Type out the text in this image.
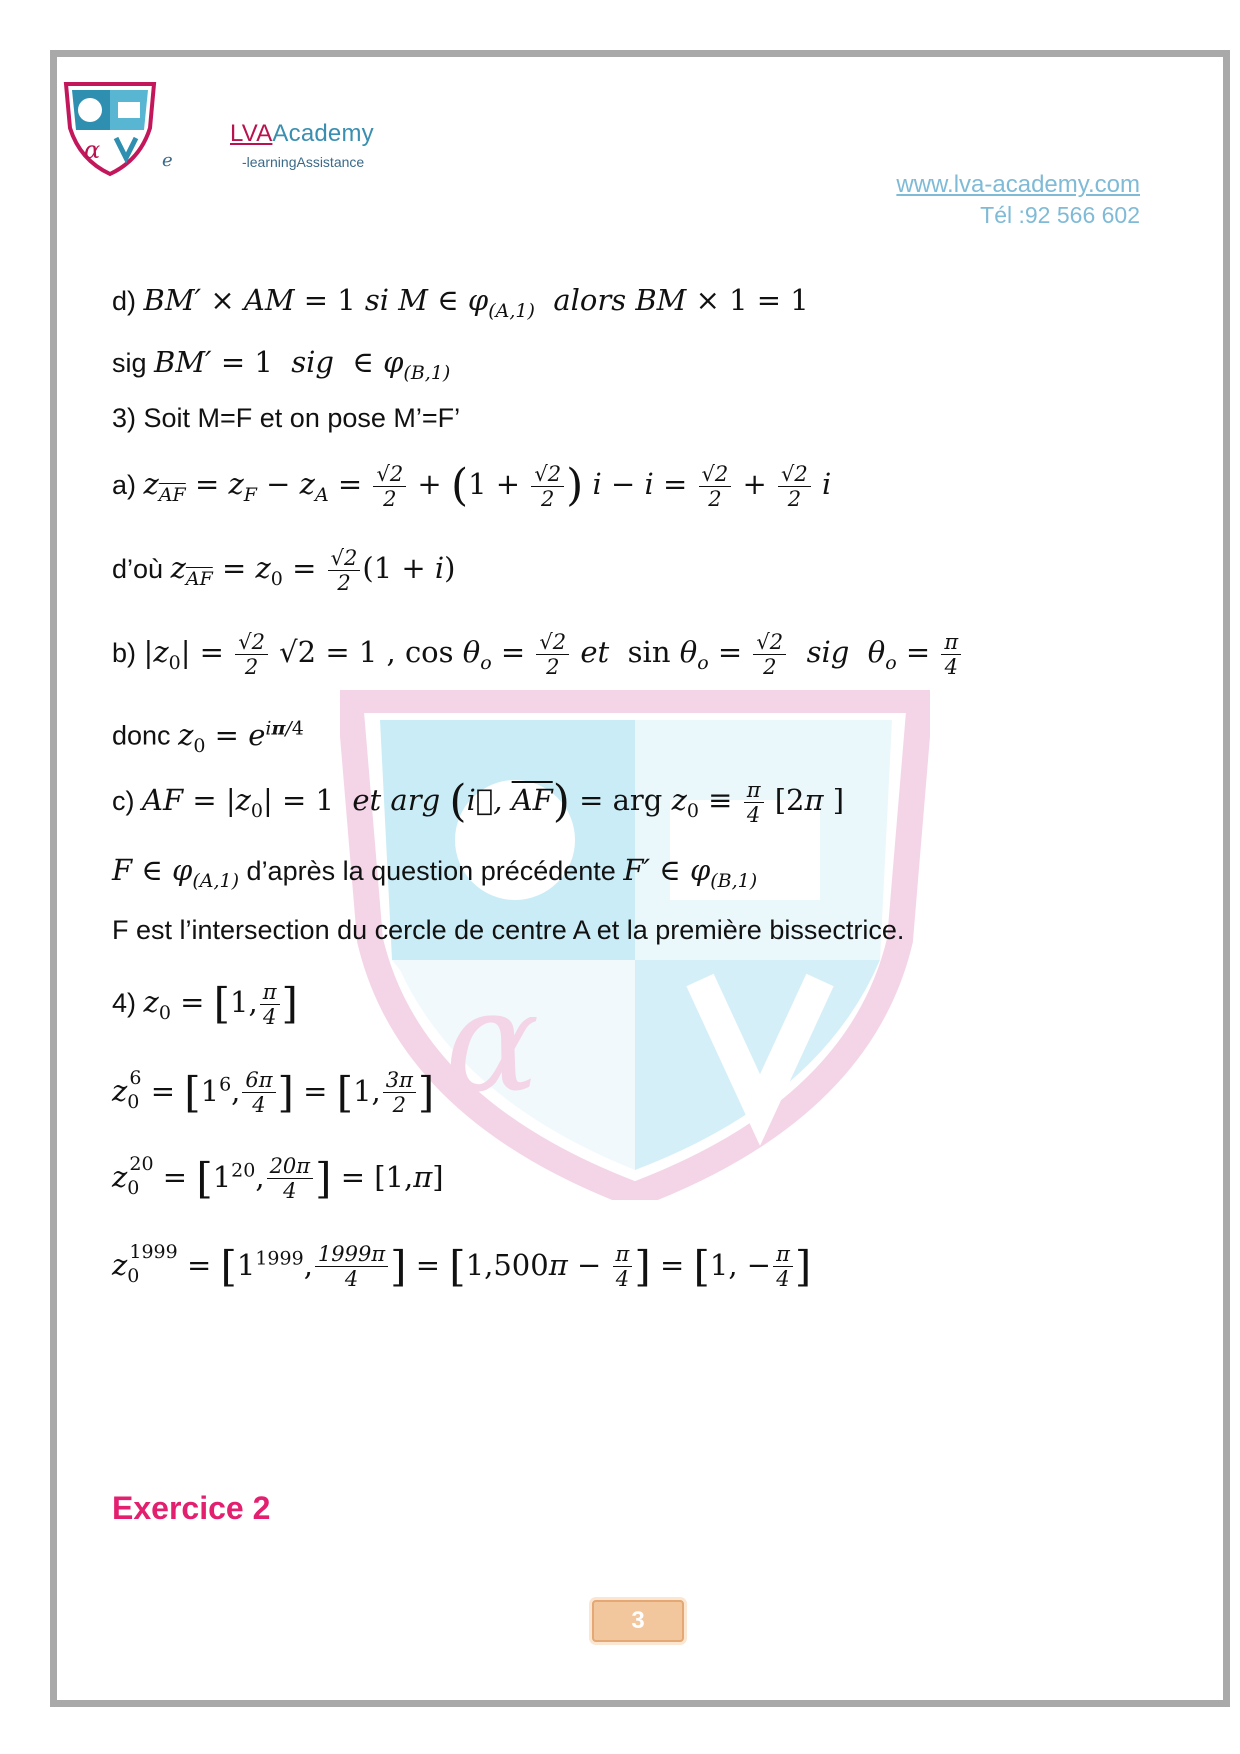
α	e
LVAAcademy
-learningAssistance
www.lva-academy.com
Tél :92 566 602
α
d) BM′ × AM = 1 si M ∈ $\varphi_{(A,1)}$  alors BM × 1 = 1
sig BM′ = 1  sig  ∈ $\varphi_{(B,1)}$
3) Soit M=F et on pose M’=F’
a) $z_{\overline{AF}} = z_F - z_A = \frac{√2}{2} + (1 + \frac{√2}{2}$ ) $i - i = \frac{√2}{2} + \frac{√2}{2}$ i
d’où $z_{\overline{AF}} = z_0 = \frac{√2}{2} (1 + i)$
b) $|z_0| = \frac{√2}{2} √2 = 1$ , $\cos \theta_o = \frac{√2}{2}$ et  $\sin \theta_o = \frac{√2}{2}$ sig  $\theta_o = \frac{\pi}{4}$
donc $z_0 = e^{i\pi/4}$
c) AF = $|z_0| = 1$  et arg (i⃗, $\overline{AF}$) = arg $z_0 \equiv \frac{\pi}{4} [2\pi$ ]
F ∈ $\varphi_{(A,1)}$ d’après la question précédente F′ ∈ $\varphi_{(B,1)}$
F est l’intersection du cercle de centre A et la première bissectrice.
4) $z_0 = [1$, $\frac{\pi}{4}$ ]
$z_0^6 = [1^6$, $\frac{6\pi}{4}$ ] = [1, $\frac{3\pi}{2}$ ]
$z_0^{20} = [1^{20}$, $\frac{20\pi}{4}$ ] = [1,π]
$z_0^{1999} = [1^{1999}$, $\frac{1999\pi}{4}$ ] = [$1,500\pi - \frac{\pi}{4}$ ] = [1, − $\frac{\pi}{4}$ ]
Exercice 2
3
